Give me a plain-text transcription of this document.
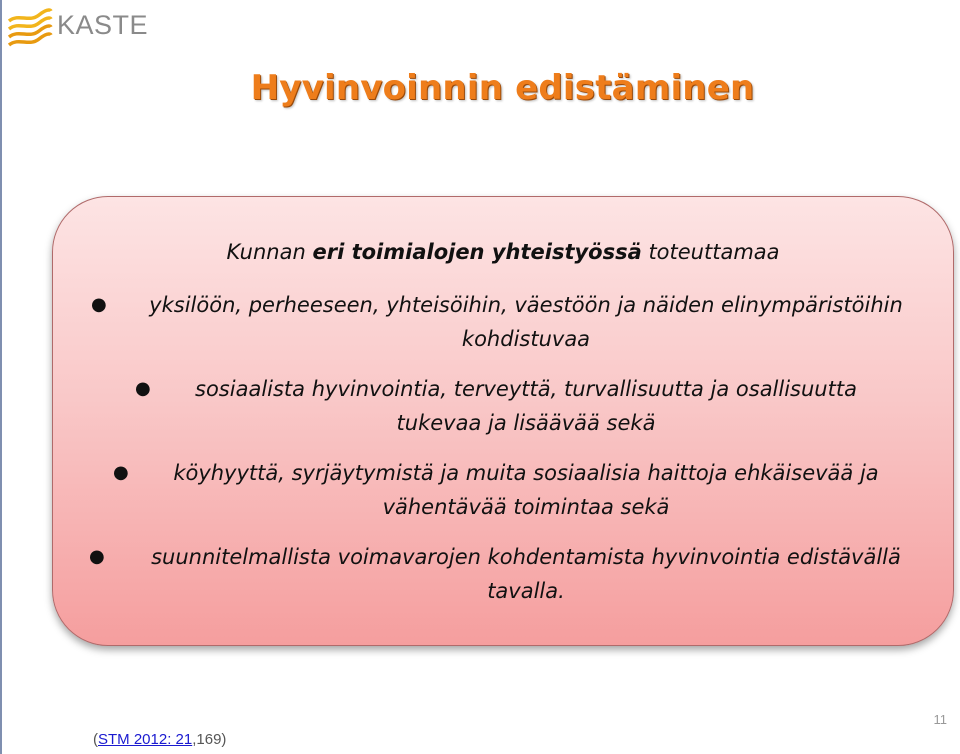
KASTE
Hyvinvoinnin edistäminen
Kunnan eri toimialojen yhteistyössä toteuttamaa
●	yksilöön, perheeseen, yhteisöihin, väestöön ja näiden elinympäristöihin
kohdistuvaa
●	sosiaalista hyvinvointia, terveyttä, turvallisuutta ja osallisuutta
tukevaa ja lisäävää sekä
●	köyhyyttä, syrjäytymistä ja muita sosiaalisia haittoja ehkäisevää ja
vähentävää toimintaa sekä
●	suunnitelmallista voimavarojen kohdentamista hyvinvointia edistävällä
tavalla.
11
(STM 2012: 21,169)
